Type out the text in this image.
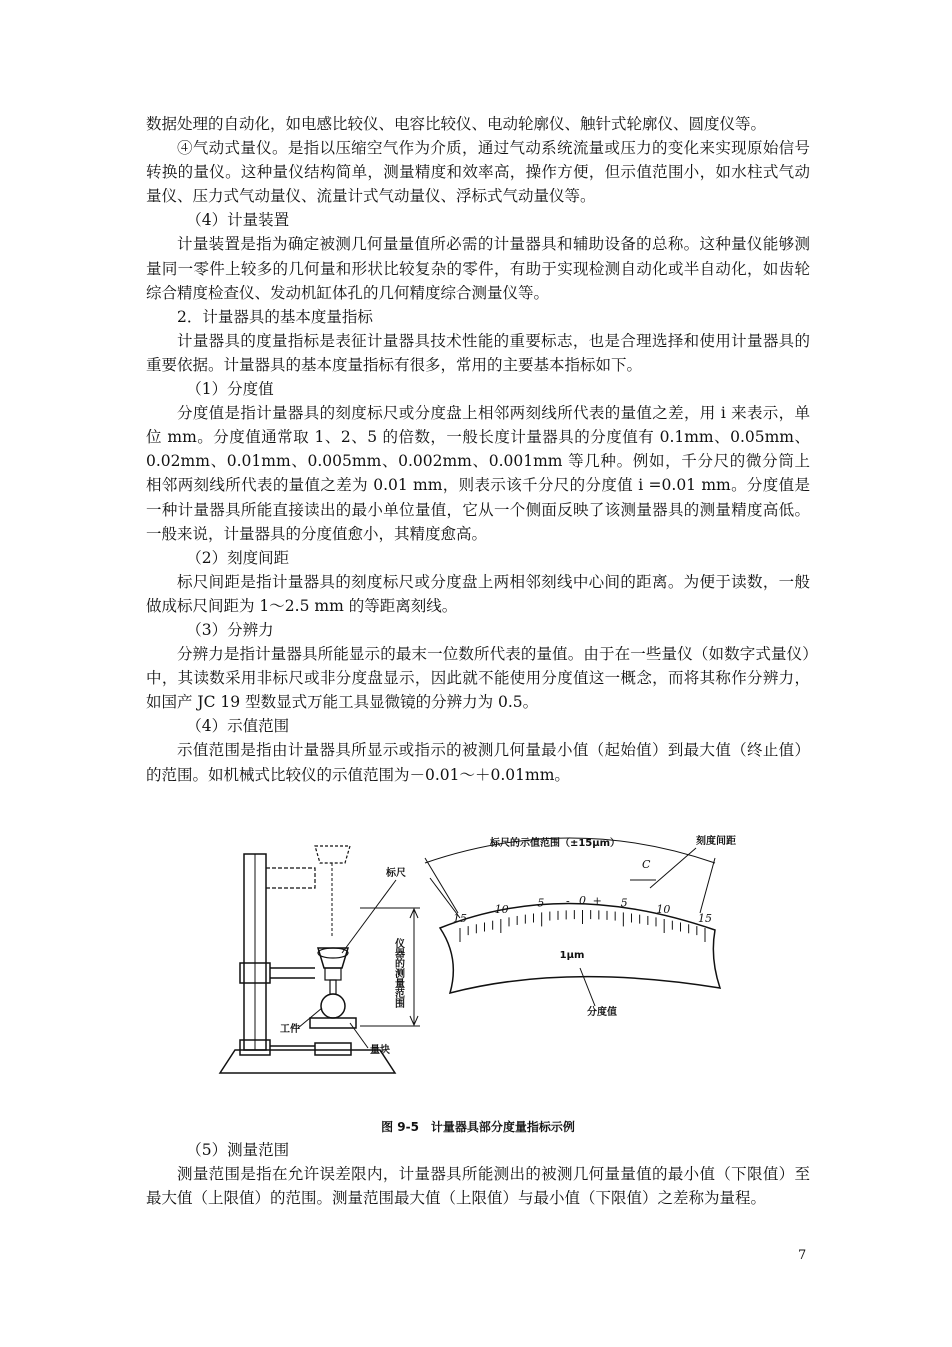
数据处理的自动化，如电感比较仪、电容比较仪、电动轮廓仪、触针式轮廓仪、圆度仪等。

④气动式量仪。是指以压缩空气作为介质，通过气动系统流量或压力的变化来实现原始信号转换的量仪。这种量仪结构简单，测量精度和效率高，操作方便，但示值范围小，如水柱式气动量仪、压力式气动量仪、流量计式气动量仪、浮标式气动量仪等。

（4）计量装置

计量装置是指为确定被测几何量量值所必需的计量器具和辅助设备的总称。这种量仪能够测量同一零件上较多的几何量和形状比较复杂的零件，有助于实现检测自动化或半自动化，如齿轮综合精度检查仪、发动机缸体孔的几何精度综合测量仪等。

2．计量器具的基本度量指标

计量器具的度量指标是表征计量器具技术性能的重要标志，也是合理选择和使用计量器具的重要依据。计量器具的基本度量指标有很多，常用的主要基本指标如下。

（1）分度值

分度值是指计量器具的刻度标尺或分度盘上相邻两刻线所代表的量值之差，用 i 来表示，单位 mm。分度值通常取 1、2、5 的倍数，一般长度计量器具的分度值有 0.1mm、0.05mm、0.02mm、0.01mm、0.005mm、0.002mm、0.001mm 等几种。例如，千分尺的微分筒上相邻两刻线所代表的量值之差为 0.01 mm，则表示该千分尺的分度值 i =0.01 mm。分度值是一种计量器具所能直接读出的最小单位量值，它从一个侧面反映了该测量器具的测量精度高低。一般来说，计量器具的分度值愈小，其精度愈高。

（2）刻度间距

标尺间距是指计量器具的刻度标尺或分度盘上两相邻刻线中心间的距离。为便于读数，一般做成标尺间距为 1～2.5 mm 的等距离刻线。

（3）分辨力

分辨力是指计量器具所能显示的最末一位数所代表的量值。由于在一些量仪（如数字式量仪）中，其读数采用非标尺或非分度盘显示，因此就不能使用分度值这一概念，而将其称作分辨力，如国产 JC 19 型数显式万能工具显微镜的分辨力为 0.5。

（4）示值范围

示值范围是指由计量器具所显示或指示的被测几何量最小值（起始值）到最大值（终止值）的范围。如机械式比较仪的示值范围为－0.01～＋0.01mm。

仪器的测量范围
标尺
工件
量块
标尺的示值范围（±15μm）	刻度间距
C
1μm
分度值
15
10	5 - 0 + 5	10
15
图 9-5　计量器具部分度量指标示例

（5）测量范围

测量范围是指在允许误差限内，计量器具所能测出的被测几何量量值的最小值（下限值）至最大值（上限值）的范围。测量范围最大值（上限值）与最小值（下限值）之差称为量程。

7
